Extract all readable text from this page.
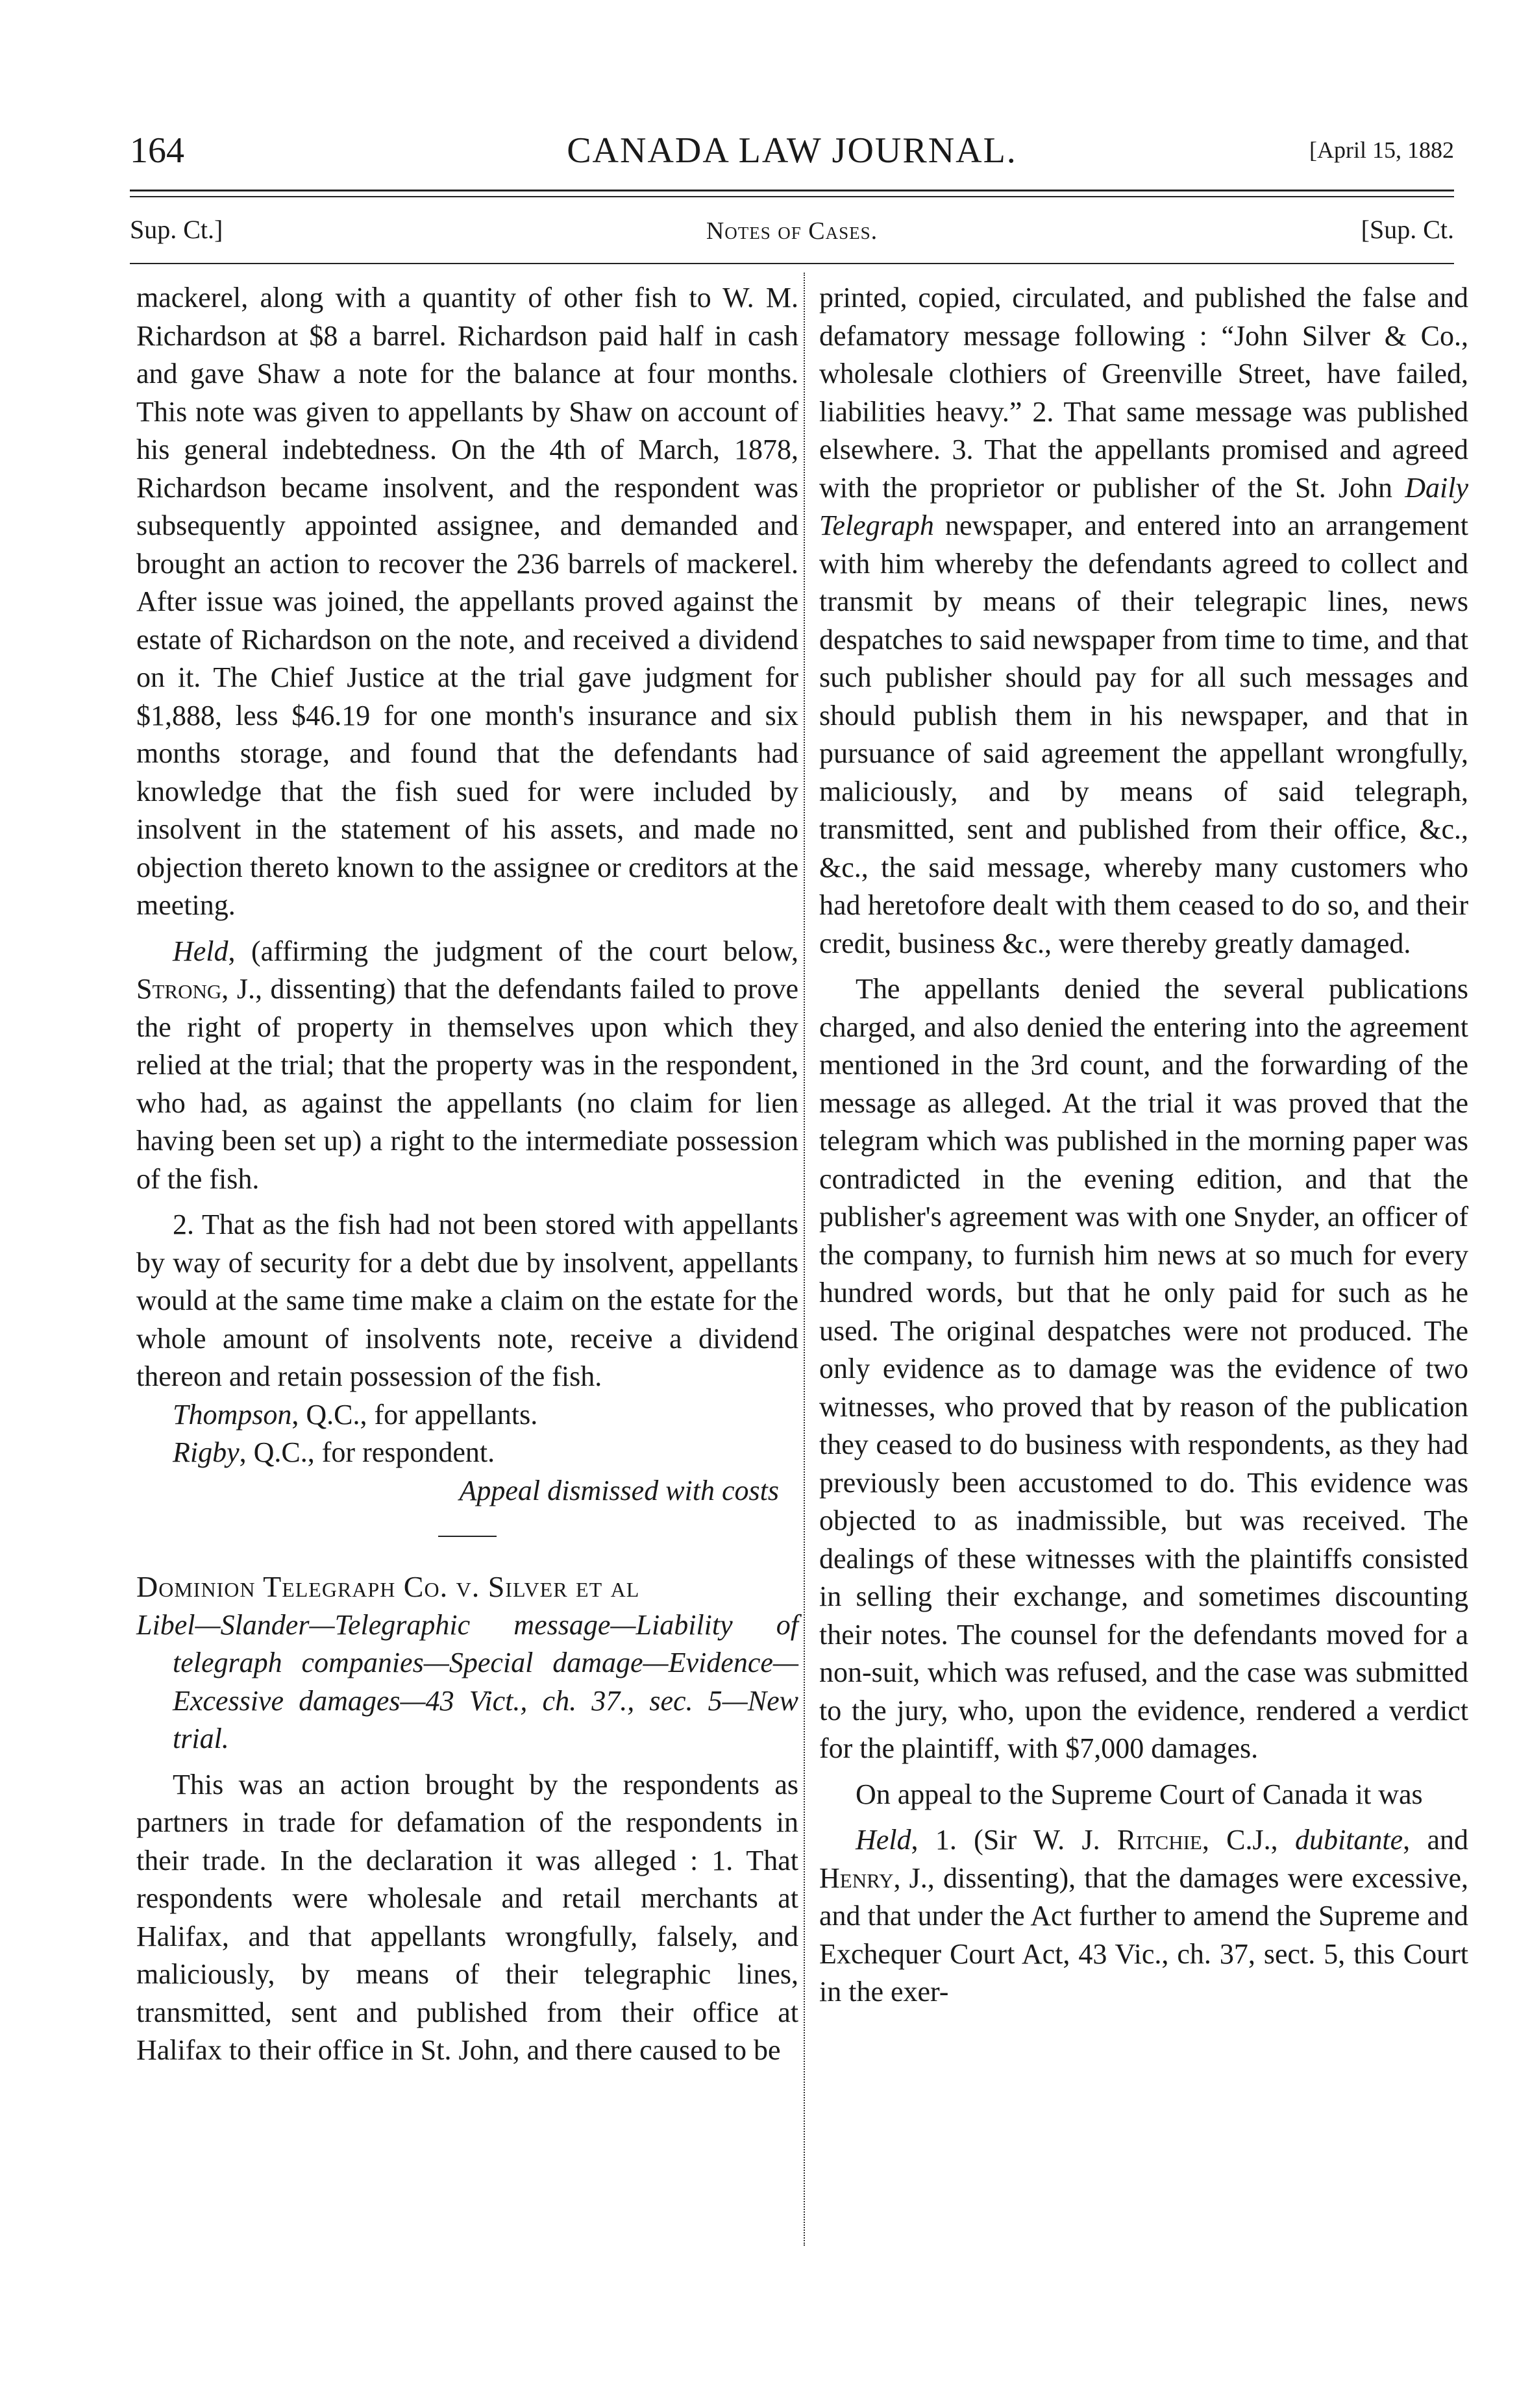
164	CANADA LAW JOURNAL.	[April 15, 1882
Sup. Ct.]	Notes of Cases.	[Sup. Ct.

mackerel, along with a quantity of other fish to W. M. Richardson at $8 a barrel. Richardson paid half in cash and gave Shaw a note for the balance at four months. This note was given to appellants by Shaw on account of his general indebtedness. On the 4th of March, 1878, Richardson became insolvent, and the respondent was subsequently appointed assignee, and demanded and brought an action to recover the 236 barrels of mackerel. After issue was joined, the appellants proved against the estate of Richardson on the note, and received a dividend on it. The Chief Justice at the trial gave judgment for $1,888, less $46.19 for one month's insurance and six months storage, and found that the defendants had knowledge that the fish sued for were included by insolvent in the statement of his assets, and made no objection thereto known to the assignee or creditors at the meeting.

Held, (affirming the judgment of the court below, Strong, J., dissenting) that the defendants failed to prove the right of property in themselves upon which they relied at the trial; that the property was in the respondent, who had, as against the appellants (no claim for lien having been set up) a right to the intermediate possession of the fish.

2. That as the fish had not been stored with appellants by way of security for a debt due by insolvent, appellants would at the same time make a claim on the estate for the whole amount of insolvents note, receive a dividend thereon and retain possession of the fish.

Thompson, Q.C., for appellants.

Rigby, Q.C., for respondent.

Appeal dismissed with costs

Dominion Telegraph Co. v. Silver et al

Libel—Slander—Telegraphic message—Liability of telegraph companies—Special damage—Evidence—Excessive damages—43 Vict., ch. 37., sec. 5—New trial.

This was an action brought by the respondents as partners in trade for defamation of the respondents in their trade. In the declaration it was alleged : 1. That respondents were wholesale and retail merchants at Halifax, and that appellants wrongfully, falsely, and maliciously, by means of their telegraphic lines, transmitted, sent and published from their office at Halifax to their office in St. John, and there caused to be

printed, copied, circulated, and published the false and defamatory message following : “John Silver & Co., wholesale clothiers of Greenville Street, have failed, liabilities heavy.” 2. That same message was published elsewhere. 3. That the appellants promised and agreed with the proprietor or publisher of the St. John Daily Telegraph newspaper, and entered into an arrangement with him whereby the defendants agreed to collect and transmit by means of their telegrapic lines, news despatches to said newspaper from time to time, and that such publisher should pay for all such messages and should publish them in his newspaper, and that in pursuance of said agreement the appellant wrongfully, maliciously, and by means of said telegraph, transmitted, sent and published from their office, &c., &c., the said message, whereby many customers who had heretofore dealt with them ceased to do so, and their credit, business &c., were thereby greatly damaged.

The appellants denied the several publications charged, and also denied the entering into the agreement mentioned in the 3rd count, and the forwarding of the message as alleged. At the trial it was proved that the telegram which was published in the morning paper was contradicted in the evening edition, and that the publisher's agreement was with one Snyder, an officer of the company, to furnish him news at so much for every hundred words, but that he only paid for such as he used. The original despatches were not produced. The only evidence as to damage was the evidence of two witnesses, who proved that by reason of the publication they ceased to do business with respondents, as they had previously been accustomed to do. This evidence was objected to as inadmissible, but was received. The dealings of these witnesses with the plaintiffs consisted in selling their exchange, and sometimes discounting their notes. The counsel for the defendants moved for a non-suit, which was refused, and the case was submitted to the jury, who, upon the evidence, rendered a verdict for the plaintiff, with $7,000 damages.

On appeal to the Supreme Court of Canada it was

Held, 1. (Sir W. J. Ritchie, C.J., dubitante, and Henry, J., dissenting), that the damages were excessive, and that under the Act further to amend the Supreme and Exchequer Court Act, 43 Vic., ch. 37, sect. 5, this Court in the exer-
